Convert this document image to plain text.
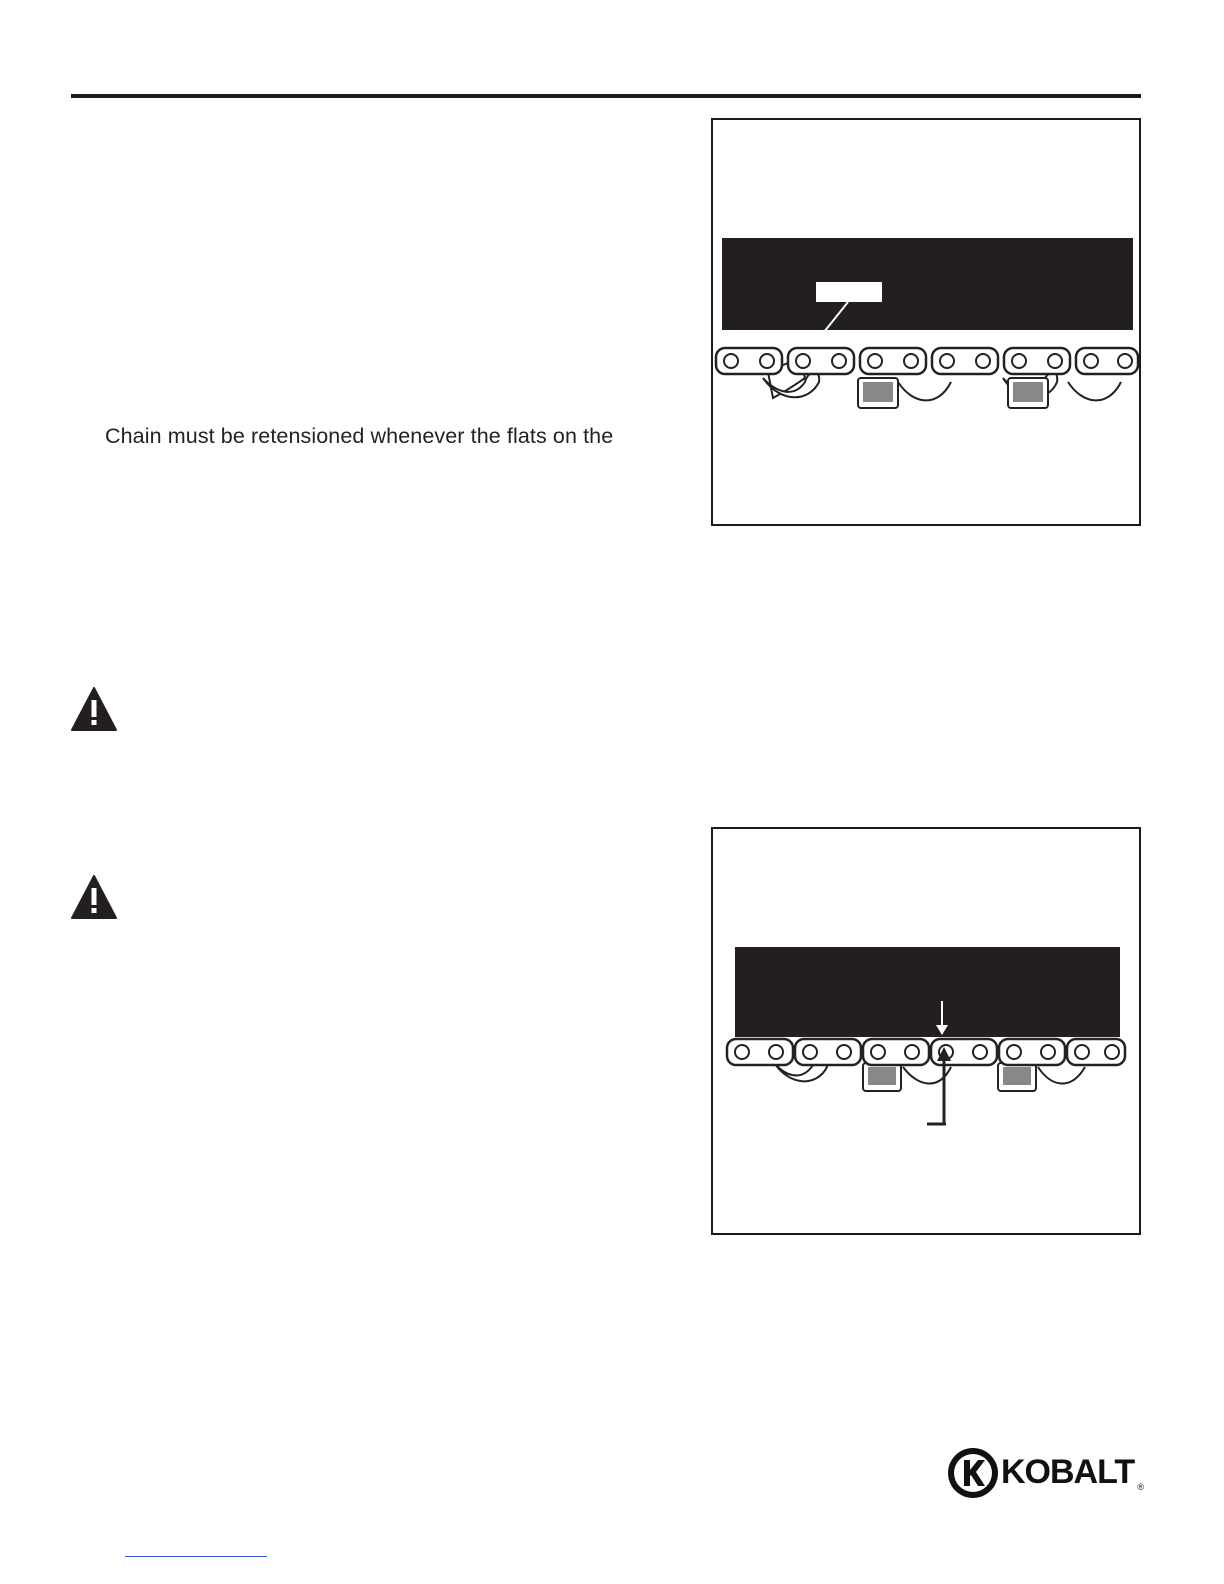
Chain must be retensioned whenever the flats on the
KOBALT ®
